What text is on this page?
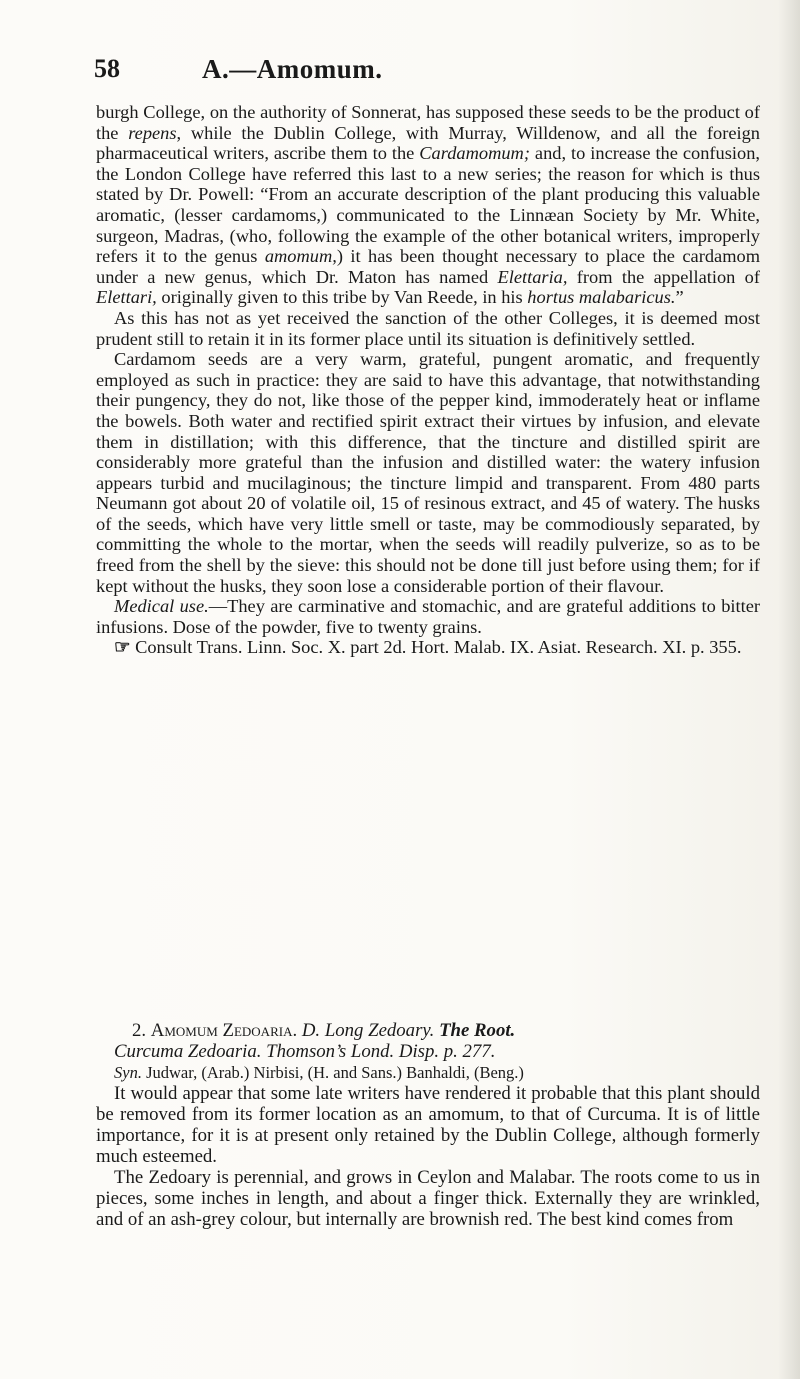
58	A.—Amomum.

burgh College, on the authority of Sonnerat, has supposed these seeds to be the product of the repens, while the Dublin College, with Murray, Willdenow, and all the foreign pharmaceutical writers, ascribe them to the Cardamomum; and, to increase the confusion, the London College have referred this last to a new series; the reason for which is thus stated by Dr. Powell: “From an accurate description of the plant producing this valuable aromatic, (lesser cardamoms,) communicated to the Linnæan Society by Mr. White, surgeon, Madras, (who, following the example of the other botanical writers, improperly refers it to the genus amomum,) it has been thought necessary to place the cardamom under a new genus, which Dr. Maton has named Elettaria, from the appellation of Elettari, originally given to this tribe by Van Reede, in his hortus malabaricus.”

As this has not as yet received the sanction of the other Colleges, it is deemed most prudent still to retain it in its former place until its situation is definitively settled.

Cardamom seeds are a very warm, grateful, pungent aromatic, and frequently employed as such in practice: they are said to have this advantage, that notwithstanding their pungency, they do not, like those of the pepper kind, immoderately heat or inflame the bowels. Both water and rectified spirit extract their virtues by infusion, and elevate them in distillation; with this difference, that the tincture and distilled spirit are considerably more grateful than the infusion and distilled water: the watery infusion appears turbid and mucilaginous; the tincture limpid and transparent. From 480 parts Neumann got about 20 of volatile oil, 15 of resinous extract, and 45 of watery. The husks of the seeds, which have very little smell or taste, may be commodiously separated, by committing the whole to the mortar, when the seeds will readily pulverize, so as to be freed from the shell by the sieve: this should not be done till just before using them; for if kept without the husks, they soon lose a considerable portion of their flavour.

Medical use.—They are carminative and stomachic, and are grateful additions to bitter infusions. Dose of the powder, five to twenty grains.

☞ Consult Trans. Linn. Soc. X. part 2d. Hort. Malab. IX. Asiat. Research. XI. p. 355.

2. Amomum Zedoaria. D. Long Zedoary. The Root.

Curcuma Zedoaria. Thomson’s Lond. Disp. p. 277.

Syn. Judwar, (Arab.) Nirbisi, (H. and Sans.) Banhaldi, (Beng.)

It would appear that some late writers have rendered it probable that this plant should be removed from its former location as an amomum, to that of Curcuma. It is of little importance, for it is at present only retained by the Dublin College, although formerly much esteemed.

The Zedoary is perennial, and grows in Ceylon and Malabar. The roots come to us in pieces, some inches in length, and about a finger thick. Externally they are wrinkled, and of an ash-grey colour, but internally are brownish red. The best kind comes from
